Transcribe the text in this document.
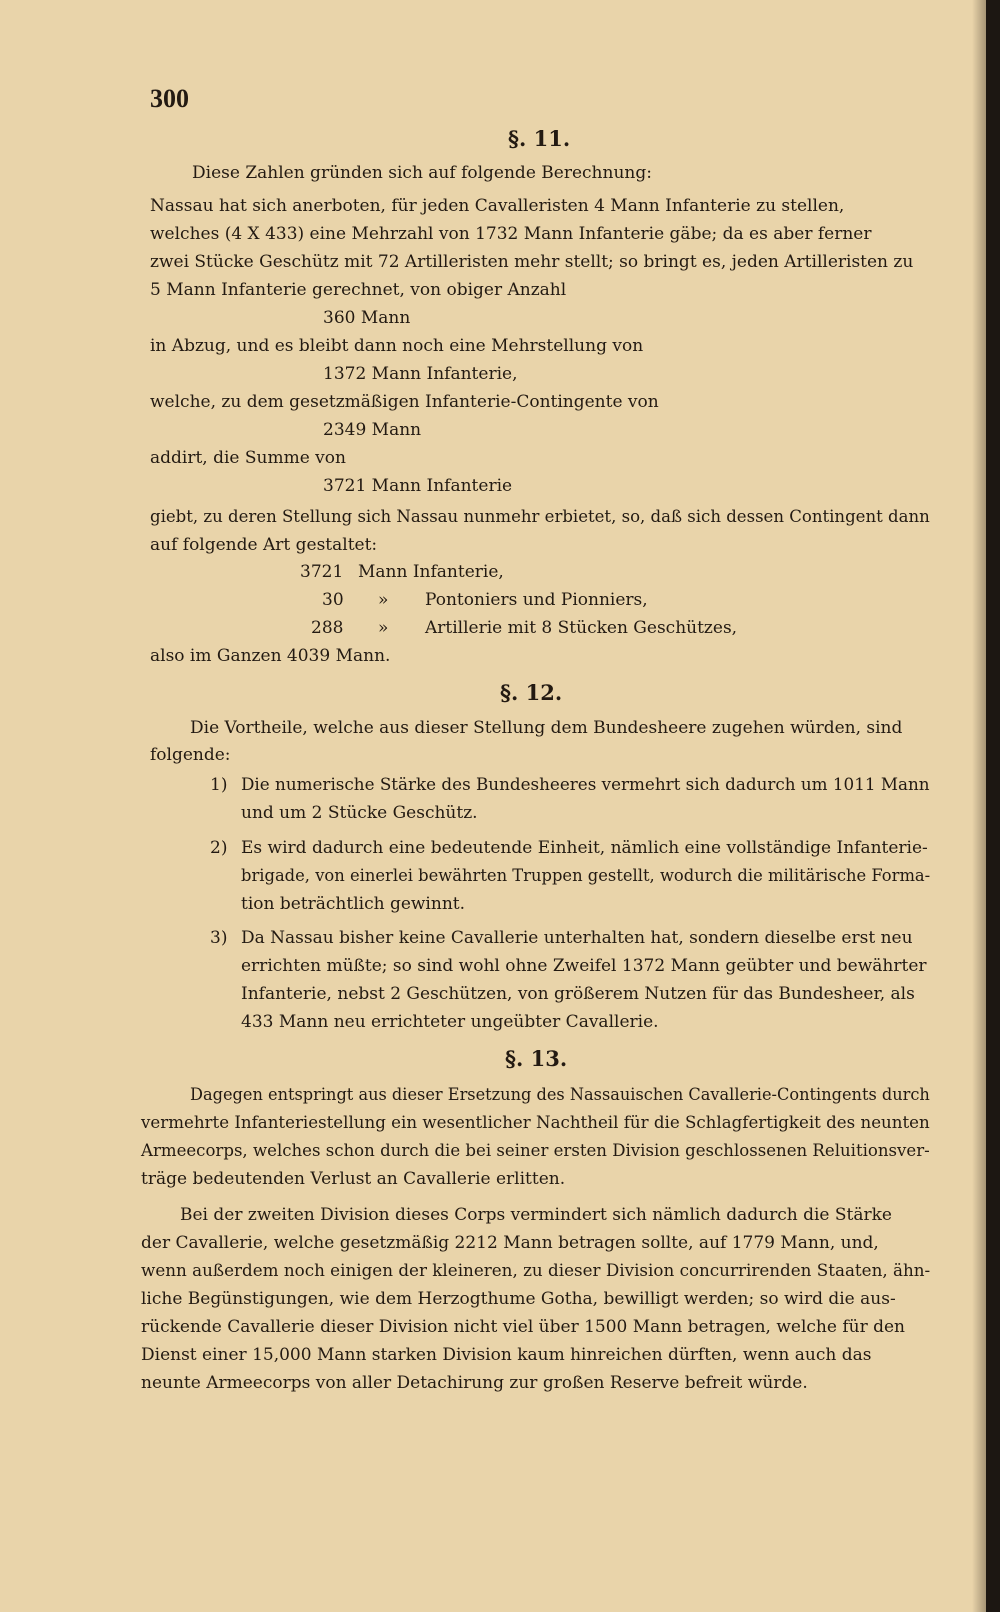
300
§. 11.
Diese Zahlen gründen sich auf folgende Berechnung:
Nassau hat sich anerboten, für jeden Cavalleristen 4 Mann Infanterie zu stellen,
welches (4 X 433) eine Mehrzahl von 1732 Mann Infanterie gäbe; da es aber ferner
zwei Stücke Geschütz mit 72 Artilleristen mehr stellt; so bringt es, jeden Artilleristen zu
5 Mann Infanterie gerechnet, von obiger Anzahl
360 Mann
in Abzug, und es bleibt dann noch eine Mehrstellung von
1372 Mann Infanterie,
welche, zu dem gesetzmäßigen Infanterie-Contingente von
2349 Mann
addirt, die Summe von
3721 Mann Infanterie
giebt, zu deren Stellung sich Nassau nunmehr erbietet, so, daß sich dessen Contingent dann
auf folgende Art gestaltet:
3721 Mann Infanterie,
30 » Pontoniers und Pionniers,
288 » Artillerie mit 8 Stücken Geschützes,
also im Ganzen 4039 Mann.
§. 12.
Die Vortheile, welche aus dieser Stellung dem Bundesheere zugehen würden, sind
folgende:
1) Die numerische Stärke des Bundesheeres vermehrt sich dadurch um 1011 Mann
und um 2 Stücke Geschütz.
2) Es wird dadurch eine bedeutende Einheit, nämlich eine vollständige Infanterie-
brigade, von einerlei bewährten Truppen gestellt, wodurch die militärische Forma-
tion beträchtlich gewinnt.
3) Da Nassau bisher keine Cavallerie unterhalten hat, sondern dieselbe erst neu
errichten müßte; so sind wohl ohne Zweifel 1372 Mann geübter und bewährter
Infanterie, nebst 2 Geschützen, von größerem Nutzen für das Bundesheer, als
433 Mann neu errichteter ungeübter Cavallerie.
§. 13.
Dagegen entspringt aus dieser Ersetzung des Nassauischen Cavallerie-Contingents durch
vermehrte Infanteriestellung ein wesentlicher Nachtheil für die Schlagfertigkeit des neunten
Armeecorps, welches schon durch die bei seiner ersten Division geschlossenen Reluitionsver-
träge bedeutenden Verlust an Cavallerie erlitten.
Bei der zweiten Division dieses Corps vermindert sich nämlich dadurch die Stärke
der Cavallerie, welche gesetzmäßig 2212 Mann betragen sollte, auf 1779 Mann, und,
wenn außerdem noch einigen der kleineren, zu dieser Division concurrirenden Staaten, ähn-
liche Begünstigungen, wie dem Herzogthume Gotha, bewilligt werden; so wird die aus-
rückende Cavallerie dieser Division nicht viel über 1500 Mann betragen, welche für den
Dienst einer 15,000 Mann starken Division kaum hinreichen dürften, wenn auch das
neunte Armeecorps von aller Detachirung zur großen Reserve befreit würde.
